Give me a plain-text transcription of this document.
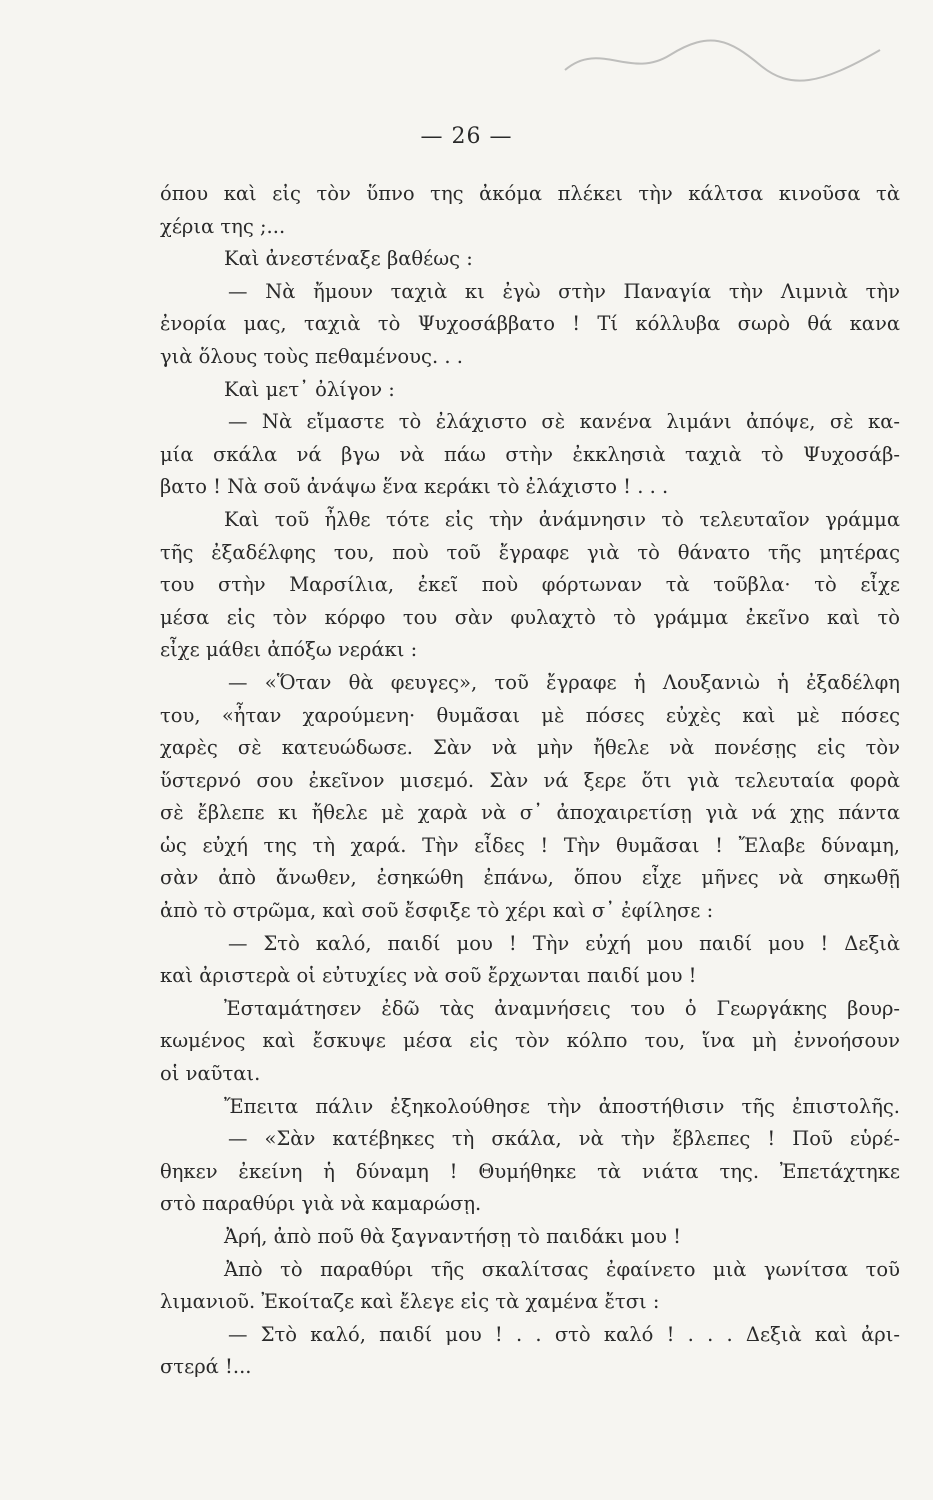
— 26 —
όπου καὶ εἰς τὸν ὕπνο της ἀκόμα πλέκει τὴν κάλτσα κινοῦσα τὰ
χέρια της ;...
Καὶ ἀνεστέναξε βαθέως :
— Νὰ ἤμουν ταχιὰ κι ἐγὼ στὴν Παναγία τὴν Λιμνιὰ τὴν
ἐνορία μας, ταχιὰ τὸ Ψυχοσάββατο ! Τί κόλλυβα σωρὸ θά κανα
γιὰ ὅλους τοὺς πεθαμένους. . .
Καὶ μετ᾽ ὀλίγον :
— Νὰ εἴμαστε τὸ ἐλάχιστο σὲ κανένα λιμάνι ἀπόψε, σὲ κα-
μία σκάλα νά βγω νὰ πάω στὴν ἐκκλησιὰ ταχιὰ τὸ Ψυχοσάβ-
βατο ! Νὰ σοῦ ἀνάψω ἕνα κεράκι τὸ ἐλάχιστο ! . . .
Καὶ τοῦ ἦλθε τότε εἰς τὴν ἀνάμνησιν τὸ τελευταῖον γράμμα
τῆς ἐξαδέλφης του, ποὺ τοῦ ἔγραφε γιὰ τὸ θάνατο τῆς μητέρας
του στὴν Μαρσίλια, ἐκεῖ ποὺ φόρτωναν τὰ τοῦβλα· τὸ εἶχε
μέσα εἰς τὸν κόρφο του σὰν φυλαχτὸ τὸ γράμμα ἐκεῖνο καὶ τὸ
εἶχε μάθει ἀπόξω νεράκι :
— «Ὅταν θὰ φευγες», τοῦ ἔγραφε ἡ Λουξανιὼ ἡ ἐξαδέλφη
του, «ἦταν χαρούμενη· θυμᾶσαι μὲ πόσες εὐχὲς καὶ μὲ πόσες
χαρὲς σὲ κατευώδωσε. Σὰν νὰ μὴν ἤθελε νὰ πονέσῃς εἰς τὸν
ὕστερνό σου ἐκεῖνον μισεμό. Σὰν νά ξερε ὅτι γιὰ τελευταία φορὰ
σὲ ἔβλεπε κι ἤθελε μὲ χαρὰ νὰ σ᾽ ἀποχαιρετίσῃ γιὰ νά χῃς πάντα
ὡς εὐχή της τὴ χαρά. Τὴν εἶδες ! Τὴν θυμᾶσαι ! Ἔλαβε δύναμη,
σὰν ἀπὸ ἄνωθεν, ἐσηκώθη ἐπάνω, ὅπου εἶχε μῆνες νὰ σηκωθῇ
ἀπὸ τὸ στρῶμα, καὶ σοῦ ἔσφιξε τὸ χέρι καὶ σ᾽ ἐφίλησε :
— Στὸ καλό, παιδί μου ! Τὴν εὐχή μου παιδί μου ! Δεξιὰ
καὶ ἀριστερὰ οἱ εὐτυχίες νὰ σοῦ ἔρχωνται παιδί μου !
Ἐσταμάτησεν ἐδῶ τὰς ἀναμνήσεις του ὁ Γεωργάκης βουρ-
κωμένος καὶ ἔσκυψε μέσα εἰς τὸν κόλπο του, ἵνα μὴ ἐννοήσουν
οἱ ναῦται.
Ἔπειτα πάλιν ἐξηκολούθησε τὴν ἀποστήθισιν τῆς ἐπιστολῆς.
— «Σὰν κατέβηκες τὴ σκάλα, νὰ τὴν ἔβλεπες ! Ποῦ εὑρέ-
θηκεν ἐκείνη ἡ δύναμη ! Θυμήθηκε τὰ νιάτα της. Ἐπετάχτηκε
στὸ παραθύρι γιὰ νὰ καμαρώσῃ.
Ἀρή, ἀπὸ ποῦ θὰ ξαγναντήσῃ τὸ παιδάκι μου !
Ἀπὸ τὸ παραθύρι τῆς σκαλίτσας ἐφαίνετο μιὰ γωνίτσα τοῦ
λιμανιοῦ. Ἐκοίταζε καὶ ἔλεγε εἰς τὰ χαμένα ἔτσι :
— Στὸ καλό, παιδί μου ! . . στὸ καλό ! . . . Δεξιὰ καὶ ἀρι-
στερά !...
